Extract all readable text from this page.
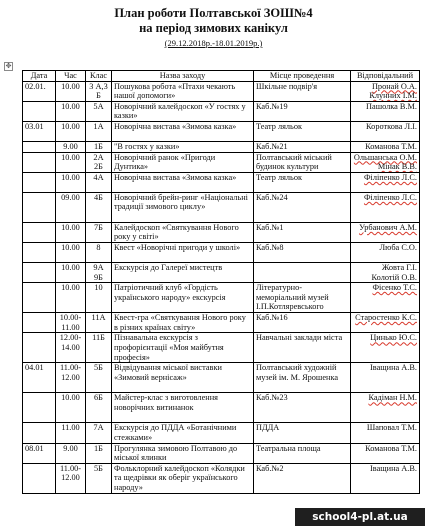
План роботи Полтавської ЗОШ№4
на період зимових канікул
(29.12.2018р.-18.01.2019р.)
✥
Дата	Час	Клас	Назва заходу	Місце проведення	Відповідальний
02.01.	10.00	3 А,3 Б	Пошукова робота «Птахи чекають нашої допомоги»	Шкільне подвір'я	Пронай О.А. Клунних І.М.
	10.00	5А	Новорічний калейдоскоп «У гостях у казки»	Каб.№19	Пашолка В.М.
03.01	10.00	1А	Новорічна вистава «Зимова казка»	Театр ляльок	Короткова Л.І.
	9.00	1Б	"В гостях у казки»	Каб.№21	Команова Т.М.
	10.00	2А 2Б	Новорічний ранок «Пригоди Дунтика»	Полтавський міський будинок культури	Ольшанська О.М. Мінак В.В.
	10.00	4А	Новорічна вистава «Зимова казка»	Театр ляльок	Філіпенко Л.С.
	09.00	4Б	Новорічний брейн-ринг «Національні традиції зимового циклу»	Каб.№24	Філіпенко Л.С.
	10.00	7Б	Калейдоскоп «Святкування Нового року у світі»	Каб.№1	Урбанович А.М.
	10.00	8	Квест «Новорічні пригоди у школі»	Каб.№8	Люба С.О.
	10.00	9А 9Б	Екскурсія до Галереї мистецтв		Жовта Г.І. Колотій О.В.
	10.00	10	Патріотичний клуб «Гордість українського народу» екскурсія	Літературно-меморіальний музей І.П.Котляревського	Фісенко Т.С.
	10.00-11.00	11А	Квест-гра «Святкування Нового року в різних країнах світу»	Каб.№16	Старостенко К.С.
	12.00-14.00	11Б	Пізнавальна екскурсія з профорієнтації «Моя майбутня професія»	Навчальні заклади міста	Цинько Ю.С.
04.01	11.00-12.00	5Б	Відвідування міської виставки «Зимовий вернісаж»	Полтавський художній музей ім. М. Ярошенка	Іващина А.В.
	10.00	6Б	Майстер-клас з виготовлення новорічних витинанок	Каб.№23	Кадіман Н.М.
	11.00	7А	Екскурсія до ПДДА «Ботанічними стежками»	ПДДА	Шаповал Т.М.
08.01	9.00	1Б	Прогулянка зимовою Полтавою до міської ялинки	Театральна площа	Команова Т.М.
	11.00-12.00	5Б	Фольклорний калейдоскоп «Колядки та щедрівки як оберіг українського народу»	Каб.№2	Іващина А.В.
school4-pl.at.ua
